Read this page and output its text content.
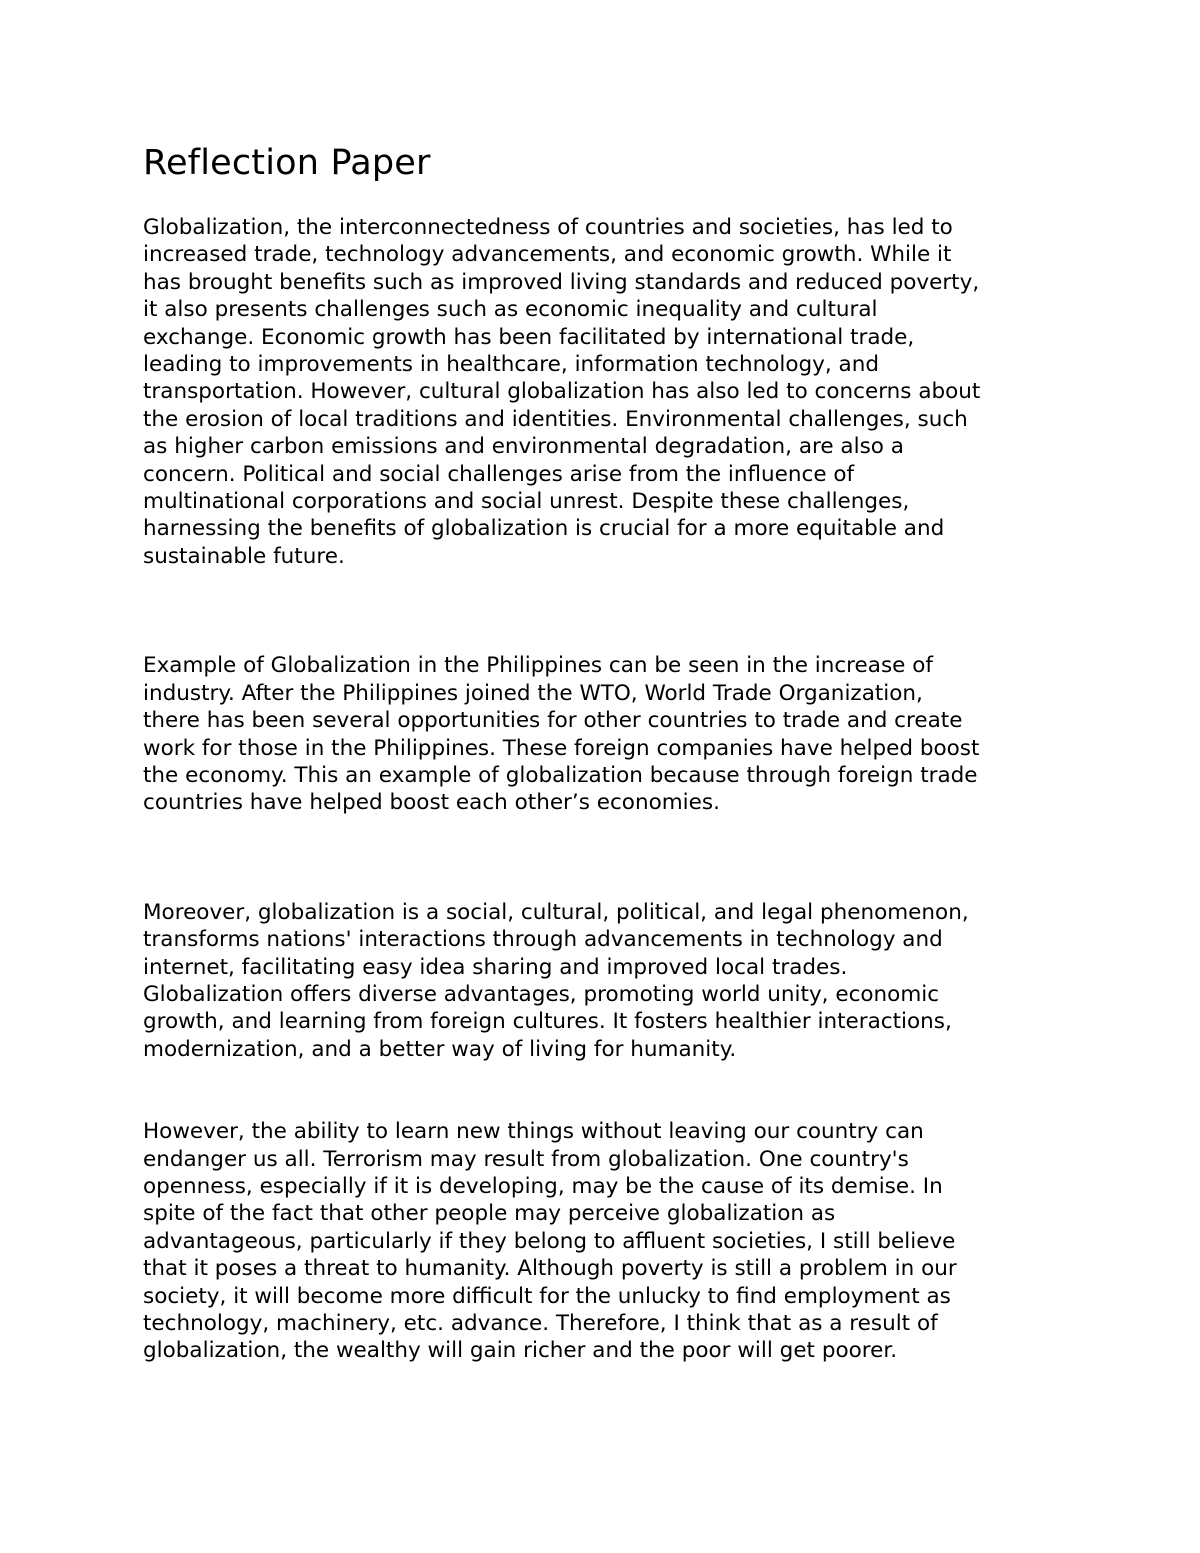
Reflection Paper

Globalization, the interconnectedness of countries and societies, has led to
increased trade, technology advancements, and economic growth. While it
has brought benefits such as improved living standards and reduced poverty,
it also presents challenges such as economic inequality and cultural
exchange. Economic growth has been facilitated by international trade,
leading to improvements in healthcare, information technology, and
transportation. However, cultural globalization has also led to concerns about
the erosion of local traditions and identities. Environmental challenges, such
as higher carbon emissions and environmental degradation, are also a
concern. Political and social challenges arise from the influence of
multinational corporations and social unrest. Despite these challenges,
harnessing the benefits of globalization is crucial for a more equitable and
sustainable future.

Example of Globalization in the Philippines can be seen in the increase of
industry. After the Philippines joined the WTO, World Trade Organization,
there has been several opportunities for other countries to trade and create
work for those in the Philippines. These foreign companies have helped boost
the economy. This an example of globalization because through foreign trade
countries have helped boost each other’s economies.

Moreover, globalization is a social, cultural, political, and legal phenomenon,
transforms nations' interactions through advancements in technology and
internet, facilitating easy idea sharing and improved local trades.
Globalization offers diverse advantages, promoting world unity, economic
growth, and learning from foreign cultures. It fosters healthier interactions,
modernization, and a better way of living for humanity.

However, the ability to learn new things without leaving our country can
endanger us all. Terrorism may result from globalization. One country's
openness, especially if it is developing, may be the cause of its demise. In
spite of the fact that other people may perceive globalization as
advantageous, particularly if they belong to affluent societies, I still believe
that it poses a threat to humanity. Although poverty is still a problem in our
society, it will become more difficult for the unlucky to find employment as
technology, machinery, etc. advance. Therefore, I think that as a result of
globalization, the wealthy will gain richer and the poor will get poorer.
